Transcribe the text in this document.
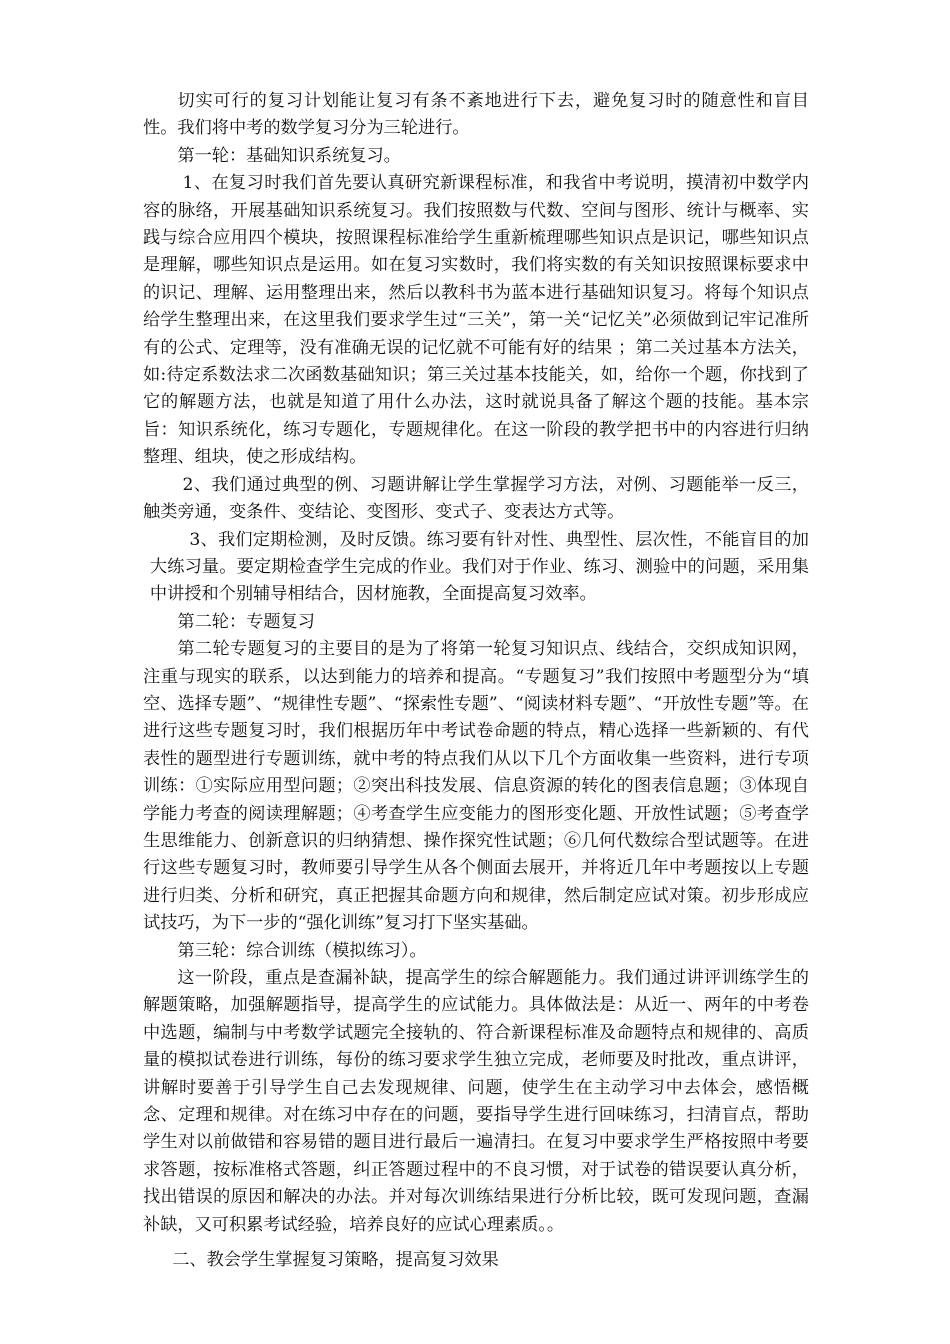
切实可行的复习计划能让复习有条不紊地进行下去，避免复习时的随意性和盲目性。我们将中考的数学复习分为三轮进行。

第一轮：基础知识系统复习。

1、在复习时我们首先要认真研究新课程标准，和我省中考说明，摸清初中数学内容的脉络，开展基础知识系统复习。我们按照数与代数、空间与图形、统计与概率、实践与综合应用四个模块，按照课程标准给学生重新梳理哪些知识点是识记，哪些知识点是理解，哪些知识点是运用。如在复习实数时，我们将实数的有关知识按照课标要求中的识记、理解、运用整理出来，然后以教科书为蓝本进行基础知识复习。将每个知识点给学生整理出来，在这里我们要求学生过“三关”，第一关“记忆关”必须做到记牢记准所有的公式、定理等，没有准确无误的记忆就不可能有好的结果 ；第二关过基本方法关，如:待定系数法求二次函数基础知识；第三关过基本技能关，如，给你一个题，你找到了它的解题方法，也就是知道了用什么办法，这时就说具备了解这个题的技能。基本宗旨：知识系统化，练习专题化，专题规律化。在这一阶段的教学把书中的内容进行归纳整理、组块，使之形成结构。

2、我们通过典型的例、习题讲解让学生掌握学习方法，对例、习题能举一反三，触类旁通，变条件、变结论、变图形、变式子、变表达方式等。

3、我们定期检测，及时反馈。练习要有针对性、典型性、层次性，不能盲目的加大练习量。要定期检查学生完成的作业。我们对于作业、练习、测验中的问题，采用集中讲授和个别辅导相结合，因材施教，全面提高复习效率。

第二轮：专题复习

第二轮专题复习的主要目的是为了将第一轮复习知识点、线结合，交织成知识网，注重与现实的联系，以达到能力的培养和提高。“专题复习”我们按照中考题型分为“填空、选择专题”、“规律性专题”、“探索性专题”、“阅读材料专题”、“开放性专题”等。在进行这些专题复习时，我们根据历年中考试卷命题的特点，精心选择一些新颖的、有代表性的题型进行专题训练，就中考的特点我们从以下几个方面收集一些资料，进行专项训练：①实际应用型问题；②突出科技发展、信息资源的转化的图表信息题；③体现自学能力考查的阅读理解题；④考查学生应变能力的图形变化题、开放性试题；⑤考查学生思维能力、创新意识的归纳猜想、操作探究性试题；⑥几何代数综合型试题等。在进行这些专题复习时，教师要引导学生从各个侧面去展开，并将近几年中考题按以上专题进行归类、分析和研究，真正把握其命题方向和规律，然后制定应试对策。初步形成应试技巧，为下一步的“强化训练”复习打下坚实基础。

第三轮：综合训练（模拟练习）。

这一阶段，重点是查漏补缺，提高学生的综合解题能力。我们通过讲评训练学生的解题策略，加强解题指导，提高学生的应试能力。具体做法是：从近一、两年的中考卷中选题，编制与中考数学试题完全接轨的、符合新课程标准及命题特点和规律的、高质量的模拟试卷进行训练，每份的练习要求学生独立完成，老师要及时批改，重点讲评，讲解时要善于引导学生自己去发现规律、问题，使学生在主动学习中去体会，感悟概念、定理和规律。对在练习中存在的问题，要指导学生进行回味练习，扫清盲点，帮助学生对以前做错和容易错的题目进行最后一遍清扫。在复习中要求学生严格按照中考要求答题，按标准格式答题，纠正答题过程中的不良习惯，对于试卷的错误要认真分析，找出错误的原因和解决的办法。并对每次训练结果进行分析比较，既可发现问题，查漏补缺，又可积累考试经验，培养良好的应试心理素质。。

二、教会学生掌握复习策略，提高复习效果
